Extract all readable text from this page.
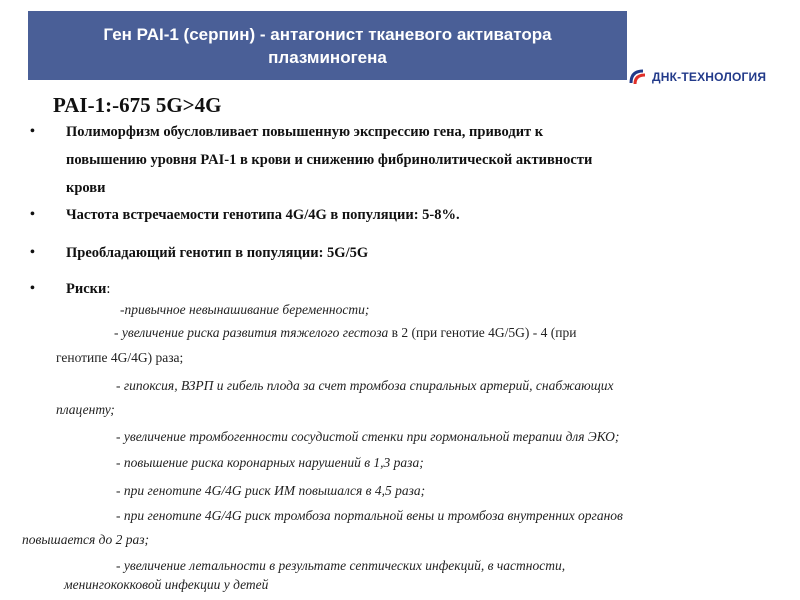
Ген PAI-1 (серпин) - антагонист тканевого активатора
плазминогена
ДНК-ТЕХНОЛОГИЯ
PAI-1:-675 5G>4G
• Полиморфизм обусловливает повышенную экспрессию гена, приводит к
повышению уровня PAI-1 в крови и снижению фибринолитической активности
крови
• Частота встречаемости генотипа 4G/4G в популяции: 5-8%.
• Преобладающий генотип в популяции: 5G/5G
• Риски:
-привычное невынашивание беременности;
- увеличение риска развития тяжелого гестоза в 2 (при генотие 4G/5G) - 4 (при
генотипе 4G/4G) раза;
- гипоксия, ВЗРП и гибель плода за счет тромбоза спиральных артерий, снабжающих
плаценту;
- увеличение тромбогенности сосудистой стенки при гормональной терапии для ЭКО;
- повышение риска коронарных нарушений в 1,3 раза;
- при генотипе 4G/4G риск ИМ повышался в 4,5 раза;
- при генотипе 4G/4G риск тромбоза портальной вены и тромбоза внутренних органов
повышается до 2 раз;
- увеличение летальности в результате септических инфекций, в частности,
менингококковой инфекции у детей
